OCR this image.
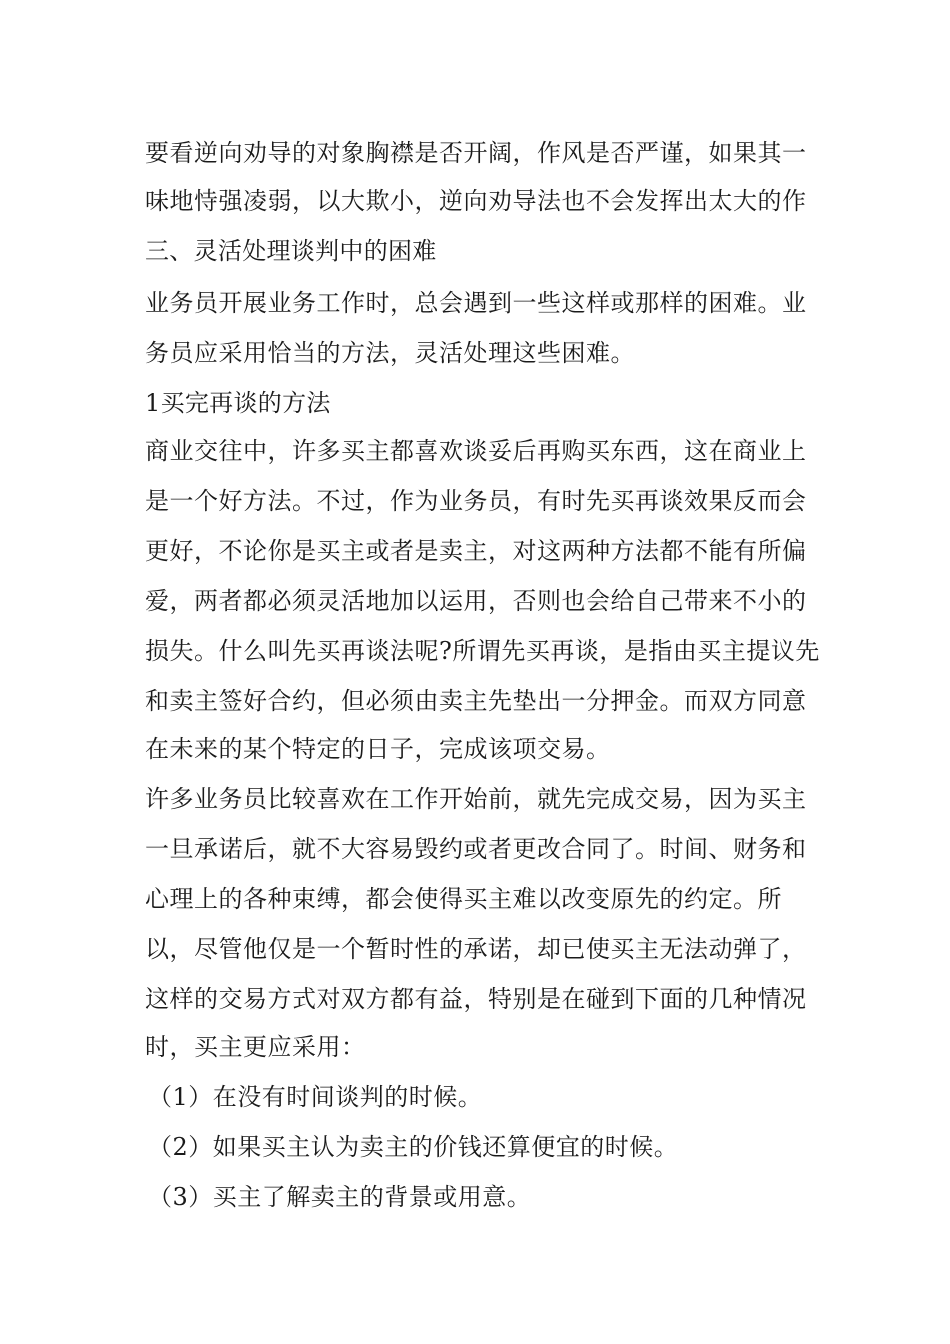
要看逆向劝导的对象胸襟是否开阔，作风是否严谨，如果其一
味地恃强凌弱，以大欺小，逆向劝导法也不会发挥出太大的作
三、灵活处理谈判中的困难
业务员开展业务工作时，总会遇到一些这样或那样的困难。业
务员应采用恰当的方法，灵活处理这些困难。
1买完再谈的方法
商业交往中，许多买主都喜欢谈妥后再购买东西，这在商业上
是一个好方法。不过，作为业务员，有时先买再谈效果反而会
更好，不论你是买主或者是卖主，对这两种方法都不能有所偏
爱，两者都必须灵活地加以运用，否则也会给自己带来不小的
损失。什么叫先买再谈法呢?所谓先买再谈，是指由买主提议先
和卖主签好合约，但必须由卖主先垫出一分押金。而双方同意
在未来的某个特定的日子，完成该项交易。
许多业务员比较喜欢在工作开始前，就先完成交易，因为买主
一旦承诺后，就不大容易毁约或者更改合同了。时间、财务和
心理上的各种束缚，都会使得买主难以改变原先的约定。所
以，尽管他仅是一个暂时性的承诺，却已使买主无法动弹了，
这样的交易方式对双方都有益，特别是在碰到下面的几种情况
时，买主更应采用：
（1）在没有时间谈判的时候。
（2）如果买主认为卖主的价钱还算便宜的时候。
（3）买主了解卖主的背景或用意。
